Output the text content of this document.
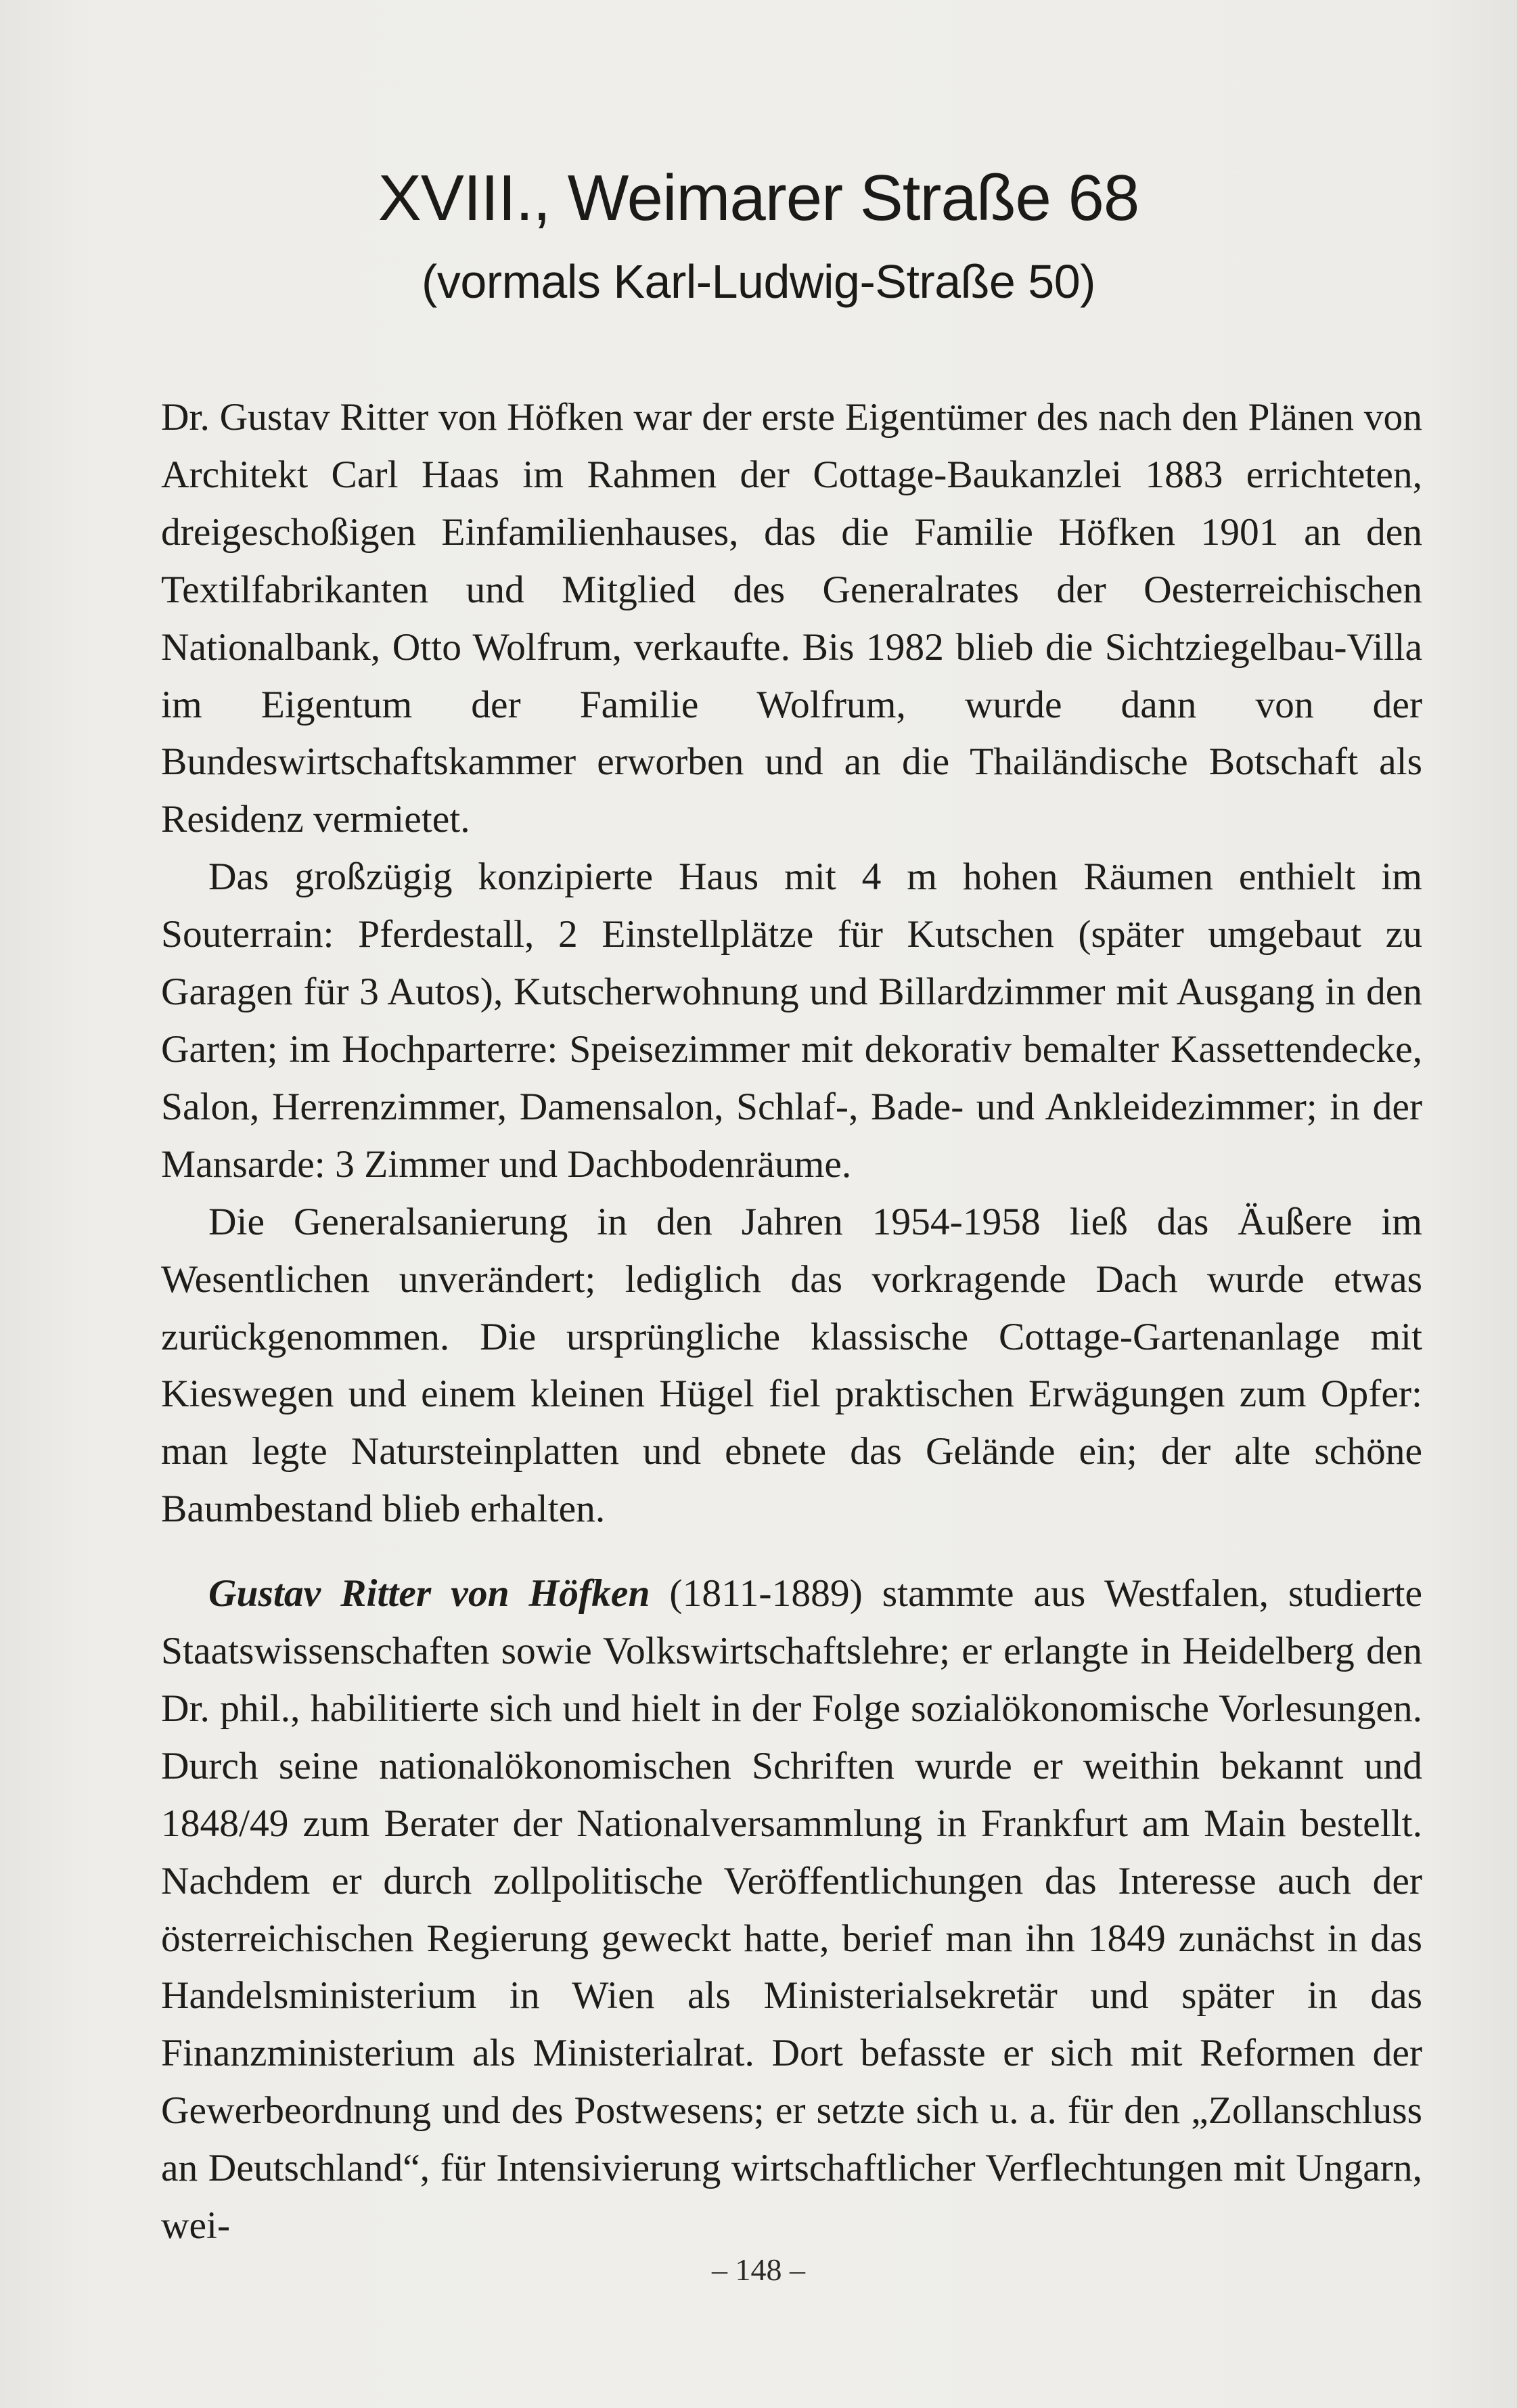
XVIII., Weimarer Straße 68
(vormals Karl-Ludwig-Straße 50)

Dr. Gustav Ritter von Höfken war der erste Eigentümer des nach den Plänen von Architekt Carl Haas im Rahmen der Cottage-Baukanzlei 1883 errichteten, dreigeschoßigen Einfamilienhauses, das die Familie Höfken 1901 an den Textilfabrikanten und Mitglied des Generalrates der Oesterreichischen Nationalbank, Otto Wolfrum, verkaufte. Bis 1982 blieb die Sichtziegelbau-Villa im Eigentum der Familie Wolfrum, wurde dann von der Bundeswirtschaftskammer erworben und an die Thailändische Botschaft als Residenz vermietet.

Das großzügig konzipierte Haus mit 4 m hohen Räumen enthielt im Souterrain: Pferdestall, 2 Einstellplätze für Kutschen (später umgebaut zu Garagen für 3 Autos), Kutscherwohnung und Billardzimmer mit Ausgang in den Garten; im Hochparterre: Speisezimmer mit dekorativ bemalter Kassettendecke, Salon, Herrenzimmer, Damensalon, Schlaf-, Bade- und Ankleidezimmer; in der Mansarde: 3 Zimmer und Dachbodenräume.

Die Generalsanierung in den Jahren 1954-1958 ließ das Äußere im Wesentlichen unverändert; lediglich das vorkragende Dach wurde etwas zurückgenommen. Die ursprüngliche klassische Cottage-Gartenanlage mit Kieswegen und einem kleinen Hügel fiel praktischen Erwägungen zum Opfer: man legte Natursteinplatten und ebnete das Gelände ein; der alte schöne Baumbestand blieb erhalten.

Gustav Ritter von Höfken (1811-1889) stammte aus Westfalen, studierte Staatswissenschaften sowie Volkswirtschaftslehre; er erlangte in Heidelberg den Dr. phil., habilitierte sich und hielt in der Folge sozialökonomische Vorlesungen. Durch seine nationalökonomischen Schriften wurde er weithin bekannt und 1848/49 zum Berater der Nationalversammlung in Frankfurt am Main bestellt. Nachdem er durch zollpolitische Veröffentlichungen das Interesse auch der österreichischen Regierung geweckt hatte, berief man ihn 1849 zunächst in das Handelsministerium in Wien als Ministerialsekretär und später in das Finanzministerium als Ministerialrat. Dort befasste er sich mit Reformen der Gewerbeordnung und des Postwesens; er setzte sich u. a. für den „Zollanschluss an Deutschland“, für Intensivierung wirtschaftlicher Verflechtungen mit Ungarn, wei-

– 148 –
